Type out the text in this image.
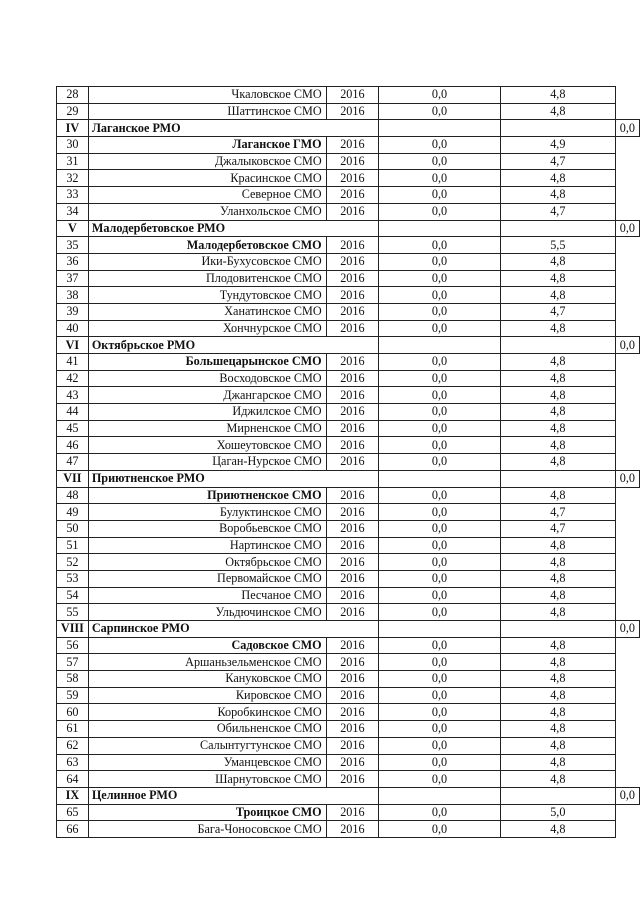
28	Чкаловское СМО	2016	0,0	4,8	
29	Шаттинское СМО	2016	0,0	4,8	
IV	Лаганское РМО				0,0
30	Лаганское ГМО	2016	0,0	4,9	
31	Джалыковское СМО	2016	0,0	4,7	
32	Красинское СМО	2016	0,0	4,8	
33	Северное СМО	2016	0,0	4,8	
34	Уланхольское СМО	2016	0,0	4,7	
V	Малодербетовское РМО				0,0
35	Малодербетовское СМО	2016	0,0	5,5	
36	Ики-Бухусовское СМО	2016	0,0	4,8	
37	Плодовитенское СМО	2016	0,0	4,8	
38	Тундутовское СМО	2016	0,0	4,8	
39	Ханатинское СМО	2016	0,0	4,7	
40	Хончнурское СМО	2016	0,0	4,8	
VI	Октябрьское РМО				0,0
41	Большецарынское СМО	2016	0,0	4,8	
42	Восходовское СМО	2016	0,0	4,8	
43	Джангарское СМО	2016	0,0	4,8	
44	Иджилское СМО	2016	0,0	4,8	
45	Мирненское СМО	2016	0,0	4,8	
46	Хошеутовское СМО	2016	0,0	4,8	
47	Цаган-Нурское СМО	2016	0,0	4,8	
VII	Приютненское РМО				0,0
48	Приютненское СМО	2016	0,0	4,8	
49	Булуктинское СМО	2016	0,0	4,7	
50	Воробьевское СМО	2016	0,0	4,7	
51	Нартинское СМО	2016	0,0	4,8	
52	Октябрьское СМО	2016	0,0	4,8	
53	Первомайское СМО	2016	0,0	4,8	
54	Песчаное СМО	2016	0,0	4,8	
55	Ульдючинское СМО	2016	0,0	4,8	
VIII	Сарпинское РМО				0,0
56	Садовское СМО	2016	0,0	4,8	
57	Аршаньзельменское СМО	2016	0,0	4,8	
58	Кануковское СМО	2016	0,0	4,8	
59	Кировское СМО	2016	0,0	4,8	
60	Коробкинское СМО	2016	0,0	4,8	
61	Обильненское СМО	2016	0,0	4,8	
62	Салынтугтунское СМО	2016	0,0	4,8	
63	Уманцевское СМО	2016	0,0	4,8	
64	Шарнутовское СМО	2016	0,0	4,8	
IX	Целинное РМО				0,0
65	Троицкое СМО	2016	0,0	5,0	
66	Бага-Чоносовское СМО	2016	0,0	4,8	
